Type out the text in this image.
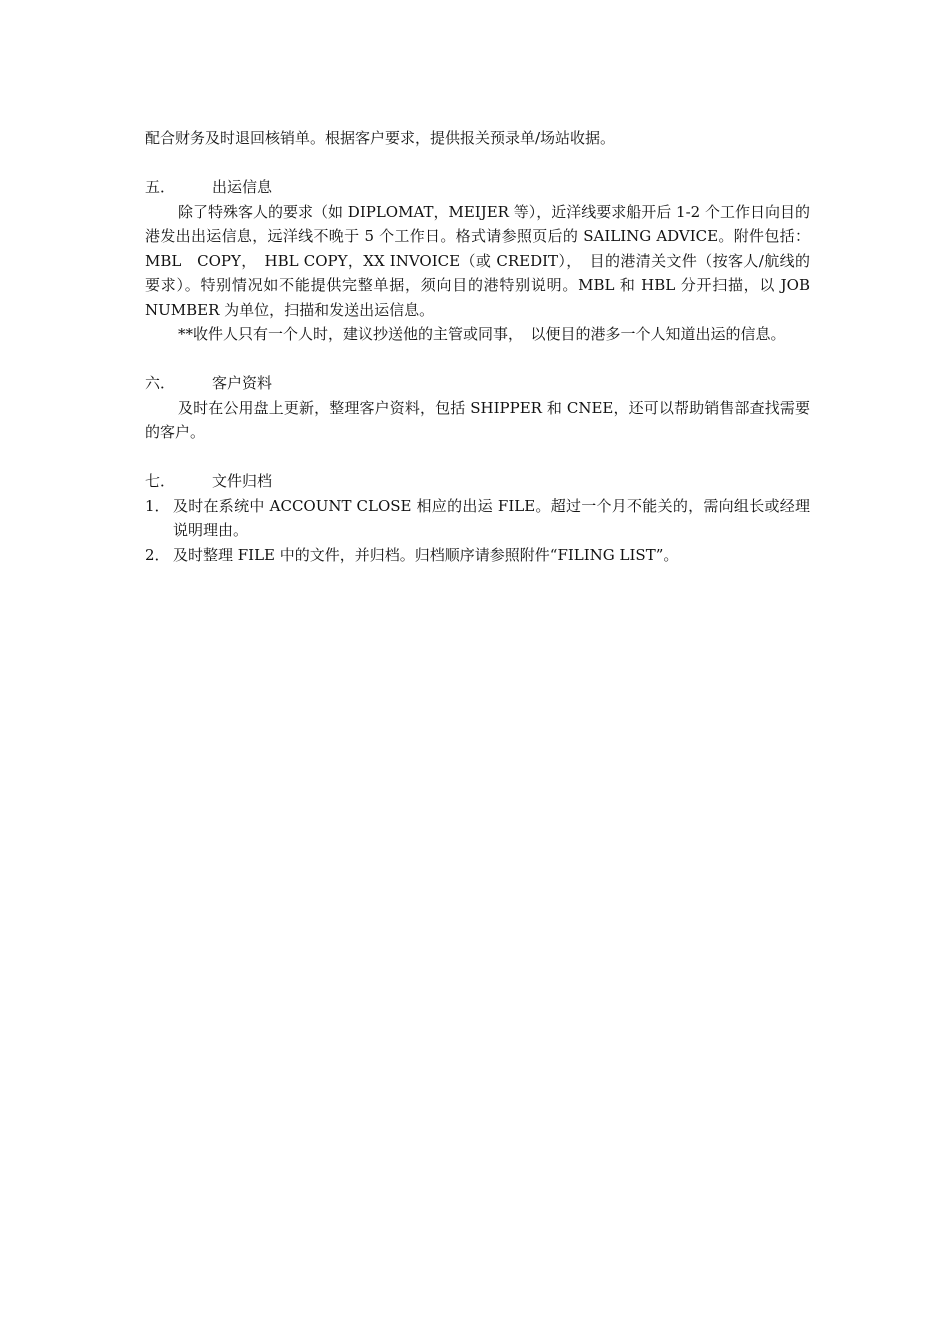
配合财务及时退回核销单。根据客户要求，提供报关预录单/场站收据。

五．	出运信息

除了特殊客人的要求（如 DIPLOMAT，MEIJER 等），近洋线要求船开后 1-2 个工作日向目的港发出出运信息，远洋线不晚于 5 个工作日。格式请参照页后的 SAILING ADVICE。附件包括：MBL　COPY，　HBL COPY，XX INVOICE（或 CREDIT），　目的港清关文件（按客人/航线的要求）。特别情况如不能提供完整单据，须向目的港特别说明。MBL 和 HBL 分开扫描，以 JOB NUMBER 为单位，扫描和发送出运信息。

**收件人只有一个人时，建议抄送他的主管或同事，　以便目的港多一个人知道出运的信息。

六．	客户资料

及时在公用盘上更新，整理客户资料，包括 SHIPPER 和 CNEE，还可以帮助销售部查找需要的客户。

七．	文件归档
1． 及时在系统中 ACCOUNT CLOSE 相应的出运 FILE。超过一个月不能关的，需向组长或经理说明理由。
2． 及时整理 FILE 中的文件，并归档。归档顺序请参照附件“FILING LIST”。
